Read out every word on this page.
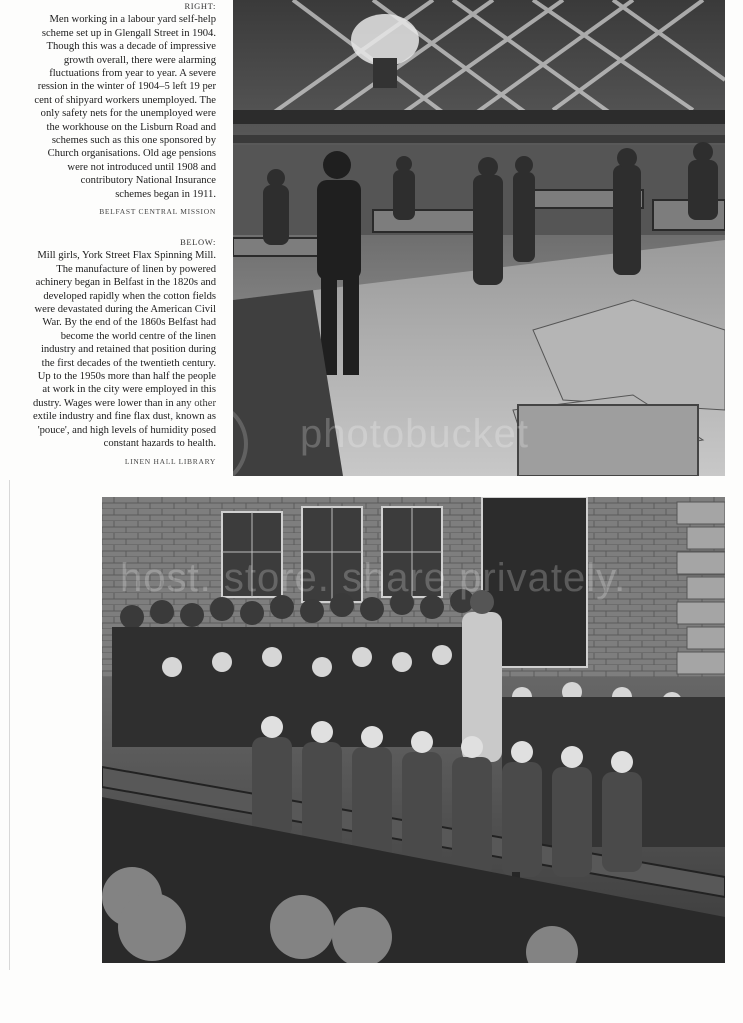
RIGHT:
Men working in a labour yard self-help
scheme set up in Glengall Street in 1904.
Though this was a decade of impressive
growth overall, there were alarming
fluctuations from year to year. A severe
ression in the winter of 1904–5 left 19 per
cent of shipyard workers unemployed. The
only safety nets for the unemployed were
the workhouse on the Lisburn Road and
schemes such as this one sponsored by
Church organisations. Old age pensions
were not introduced until 1908 and
contributory National Insurance
schemes began in 1911.
BELFAST CENTRAL MISSION
BELOW:
Mill girls, York Street Flax Spinning Mill.
The manufacture of linen by powered
achinery began in Belfast in the 1820s and
developed rapidly when the cotton fields
were devastated during the American Civil
War. By the end of the 1860s Belfast had
become the world centre of the linen
industry and retained that position during
the first decades of the twentieth century.
Up to the 1950s more than half the people
at work in the city were employed in this
dustry. Wages were lower than in any other
extile industry and fine flax dust, known as
'pouce', and high levels of humidity posed
constant hazards to health.
LINEN HALL LIBRARY
photobucket
host. store. share privately.
